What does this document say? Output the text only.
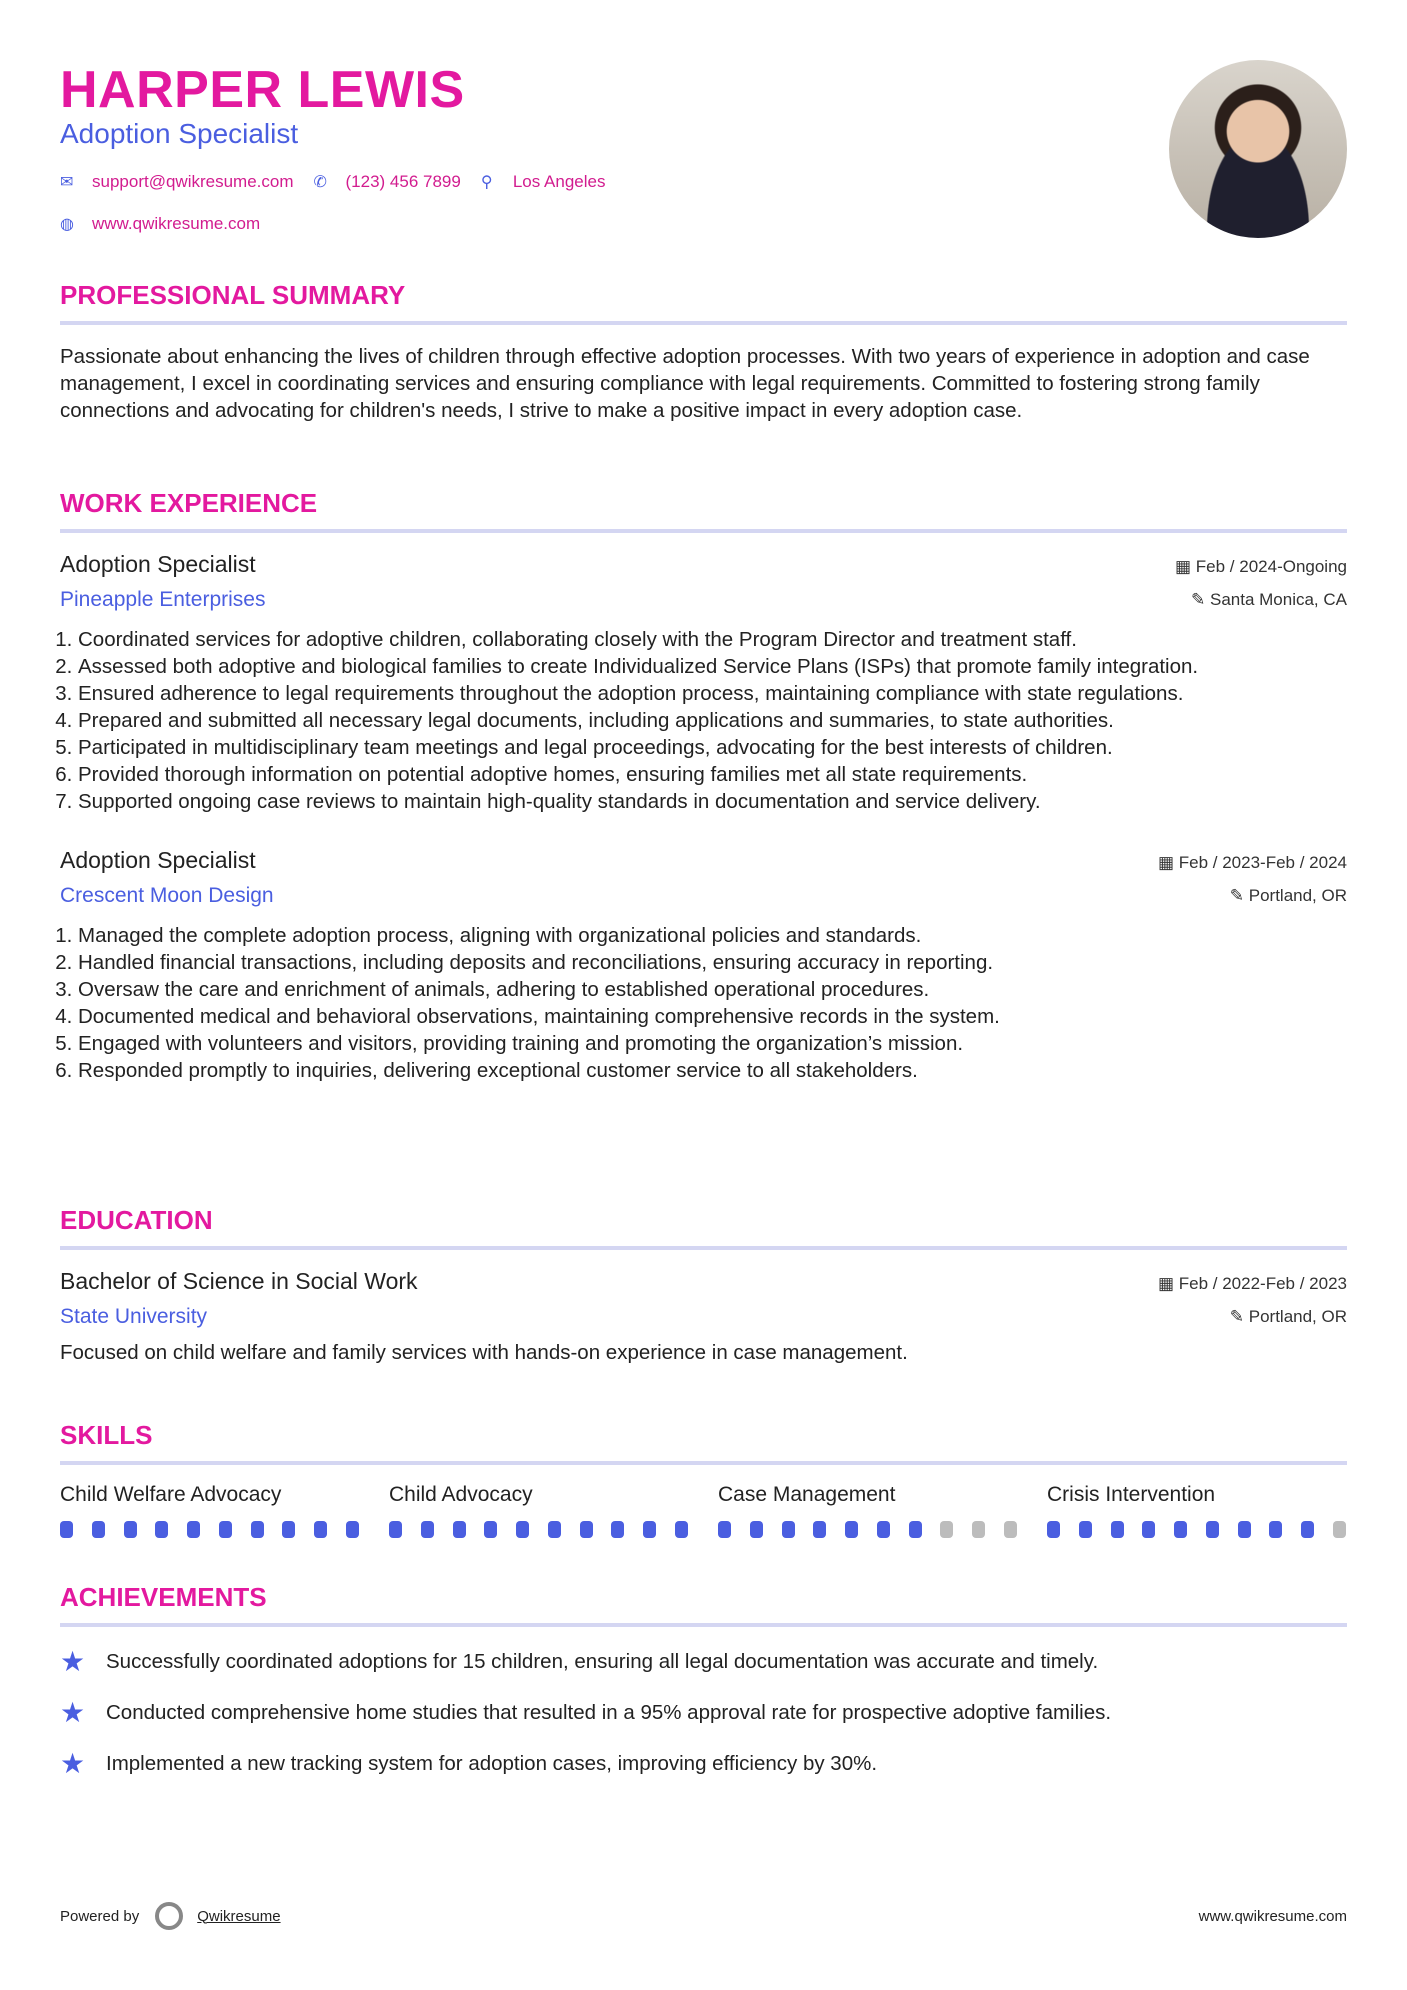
HARPER LEWIS
Adoption Specialist
✉	support@qwikresume.com ✆	(123) 456 7899 ⚲	Los Angeles
◍	www.qwikresume.com
PROFESSIONAL SUMMARY

Passionate about enhancing the lives of children through effective adoption processes. With two years of experience in adoption and case management, I excel in coordinating services and ensuring compliance with legal requirements. Committed to fostering strong family connections and advocating for children's needs, I strive to make a positive impact in every adoption case.

WORK EXPERIENCE
Adoption Specialist
Pineapple Enterprises
▦ Feb / 2024-Ongoing
✎ Santa Monica, CA
1. Coordinated services for adoptive children, collaborating closely with the Program Director and treatment staff.
2. Assessed both adoptive and biological families to create Individualized Service Plans (ISPs) that promote family integration.
3. Ensured adherence to legal requirements throughout the adoption process, maintaining compliance with state regulations.
4. Prepared and submitted all necessary legal documents, including applications and summaries, to state authorities.
5. Participated in multidisciplinary team meetings and legal proceedings, advocating for the best interests of children.
6. Provided thorough information on potential adoptive homes, ensuring families met all state requirements.
7. Supported ongoing case reviews to maintain high-quality standards in documentation and service delivery.
Adoption Specialist
Crescent Moon Design
▦ Feb / 2023-Feb / 2024
✎ Portland, OR
1. Managed the complete adoption process, aligning with organizational policies and standards.
2. Handled financial transactions, including deposits and reconciliations, ensuring accuracy in reporting.
3. Oversaw the care and enrichment of animals, adhering to established operational procedures.
4. Documented medical and behavioral observations, maintaining comprehensive records in the system.
5. Engaged with volunteers and visitors, providing training and promoting the organization’s mission.
6. Responded promptly to inquiries, delivering exceptional customer service to all stakeholders.
EDUCATION
Bachelor of Science in Social Work
State University
▦ Feb / 2022-Feb / 2023
✎ Portland, OR

Focused on child welfare and family services with hands-on experience in case management.

SKILLS
Child Welfare Advocacy	Child Advocacy	Case Management	Crisis Intervention
ACHIEVEMENTS
★	Successfully coordinated adoptions for 15 children, ensuring all legal documentation was accurate and timely.
★	Conducted comprehensive home studies that resulted in a 95% approval rate for prospective adoptive families.
★	Implemented a new tracking system for adoption cases, improving efficiency by 30%.
Powered by	Qwikresume	www.qwikresume.com
